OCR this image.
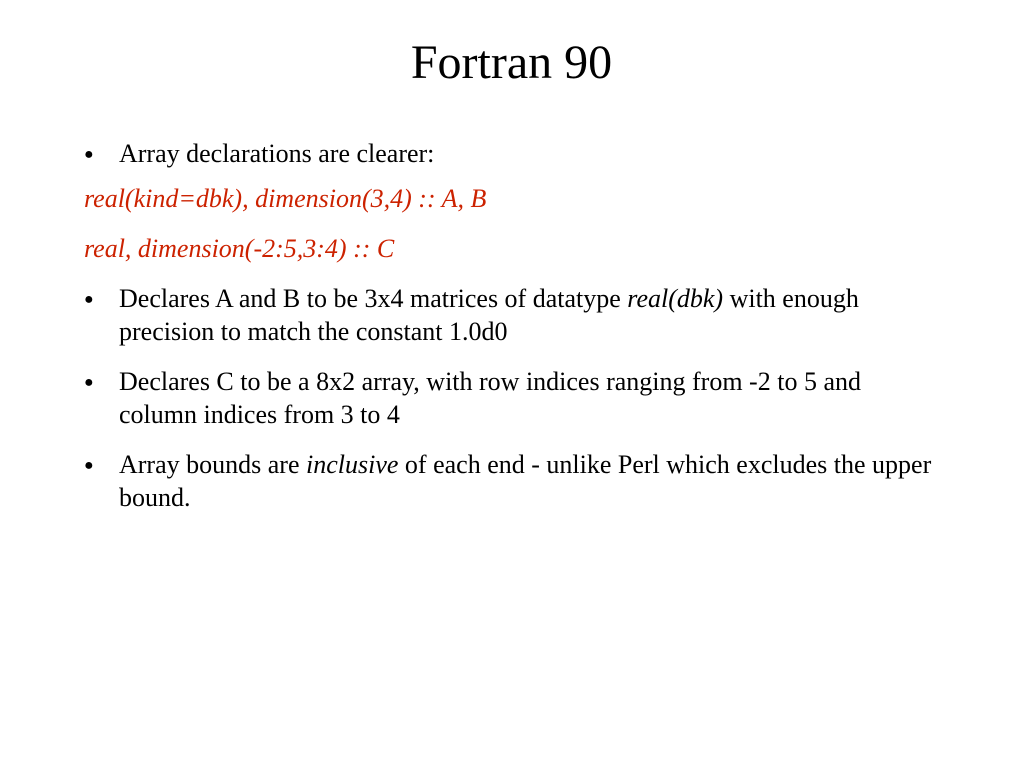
Fortran 90

● Array declarations are clearer:

real(kind=dbk), dimension(3,4) :: A, B

real, dimension(-2:5,3:4) :: C

● Declares A and B to be 3x4 matrices of datatype real(dbk) with enough precision to match the constant 1.0d0

● Declares C to be a 8x2 array, with row indices ranging from -2 to 5 and column indices from 3 to 4

● Array bounds are inclusive of each end - unlike Perl which excludes the upper bound.
